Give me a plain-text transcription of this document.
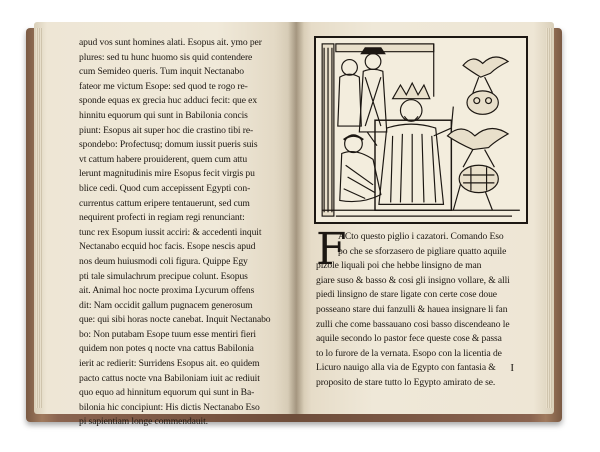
apud vos sunt homines alati. Esopus ait. ymo per
plures: sed tu hunc huomo sis quid contendere
cum Semideo queris. Tum inquit Nectanabo
fateor me victum Esope: sed quod te rogo re-
sponde equas ex grecia huc adduci fecit: que ex
hinnitu equorum qui sunt in Babilonia concis
piunt: Esopus ait super hoc die crastino tibi re-
spondebo: Profectusq; domum iussit pueris suis
vt cattum habere prouiderent, quem cum attu
lerunt magnitudinis mire Esopus fecit virgis pu
blice cedi. Quod cum accepissent Egypti con-
currentus cattum eripere tentauerunt, sed cum
nequirent profecti in regiam regi renunciant:
tunc rex Esopum iussit acciri: & accedenti inquit
Nectanabo ecquid hoc facis. Esope nescis apud
nos deum huiusmodi coli figura. Quippe Egy
pti tale simulachrum precipue colunt. Esopus
ait. Animal hoc nocte proxima Lycurum offens
dit: Nam occidit gallum pugnacem generosum
que: qui sibi horas nocte canebat. Inquit Nectanabo
bo: Non putabam Esope tuum esse mentiri fieri
quidem non potes q nocte vna cattus Babilonia
ierit ac redierit: Surridens Esopus ait. eo quidem
pacto cattus nocte vna Babiloniam iuit ac rediuit
quo equo ad hinnitum equorum qui sunt in Ba-
bilonia hic concipiunt: His dictis Nectanabo Eso
pi sapientiam longe commendauit.
F
ACto questo piglio i cazatori. Comando Eso
po che se sforzasero de pigliare quatto aquile
pizole liquali poi che hebbe linsigno de man
giare suso & basso & cosi gli insigno vollare, & alli
piedi linsigno de stare ligate con certe cose doue
posseano stare dui fanzulli & hauea insignare li fan
zulli che come bassauano cosi basso discendeano le
aquile secondo lo pastor fece queste cose & passa
to lo furore de la vernata. Esopo con la licentia de
Licuro nauigo alla via de Egypto con fantasia &
proposito de stare tutto lo Egypto amirato de se.
I
